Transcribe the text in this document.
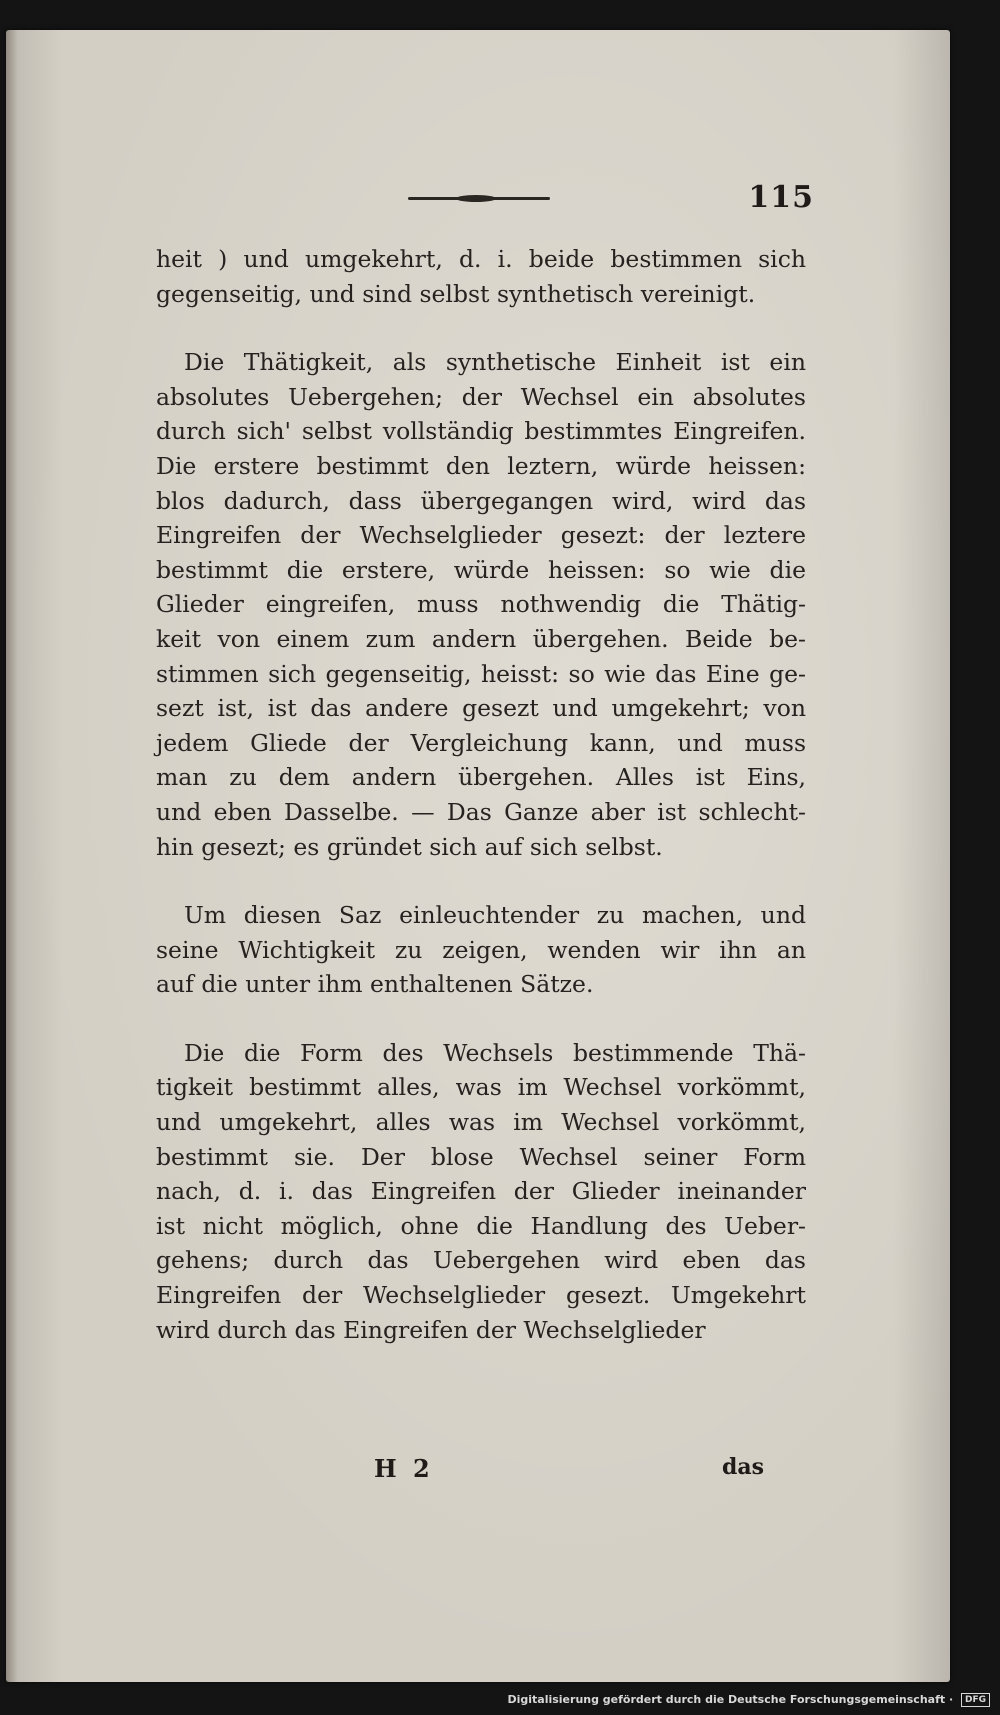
115

heit ) und umgekehrt, d. i. beide bestimmen sich
gegenseitig, und sind selbst synthetisch vereinigt.

Die Thätigkeit, als synthetische Einheit ist ein
absolutes Uebergehen; der Wechsel ein absolutes
durch sich' selbst vollständig bestimmtes Eingreifen.
Die erstere bestimmt den leztern, würde heissen:
blos dadurch, dass übergegangen wird, wird das
Eingreifen der Wechselglieder gesezt: der leztere
bestimmt die erstere, würde heissen: so wie die
Glieder eingreifen, muss nothwendig die Thätig-
keit von einem zum andern übergehen. Beide be-
stimmen sich gegenseitig, heisst: so wie das Eine ge-
sezt ist, ist das andere gesezt und umgekehrt; von
jedem Gliede der Vergleichung kann, und muss
man zu dem andern übergehen. Alles ist Eins,
und eben Dasselbe. — Das Ganze aber ist schlecht-
hin gesezt; es gründet sich auf sich selbst.

Um diesen Saz einleuchtender zu machen, und
seine Wichtigkeit zu zeigen, wenden wir ihn an
auf die unter ihm enthaltenen Sätze.

Die die Form des Wechsels bestimmende Thä-
tigkeit bestimmt alles, was im Wechsel vorkömmt,
und umgekehrt, alles was im Wechsel vorkömmt,
bestimmt sie. Der blose Wechsel seiner Form
nach, d. i. das Eingreifen der Glieder ineinander
ist nicht möglich, ohne die Handlung des Ueber-
gehens; durch das Uebergehen wird eben das
Eingreifen der Wechselglieder gesezt. Umgekehrt
wird durch das Eingreifen der Wechselglieder

H 2	das
Digitalisierung gefördert durch die Deutsche Forschungsgemeinschaft · DFG
